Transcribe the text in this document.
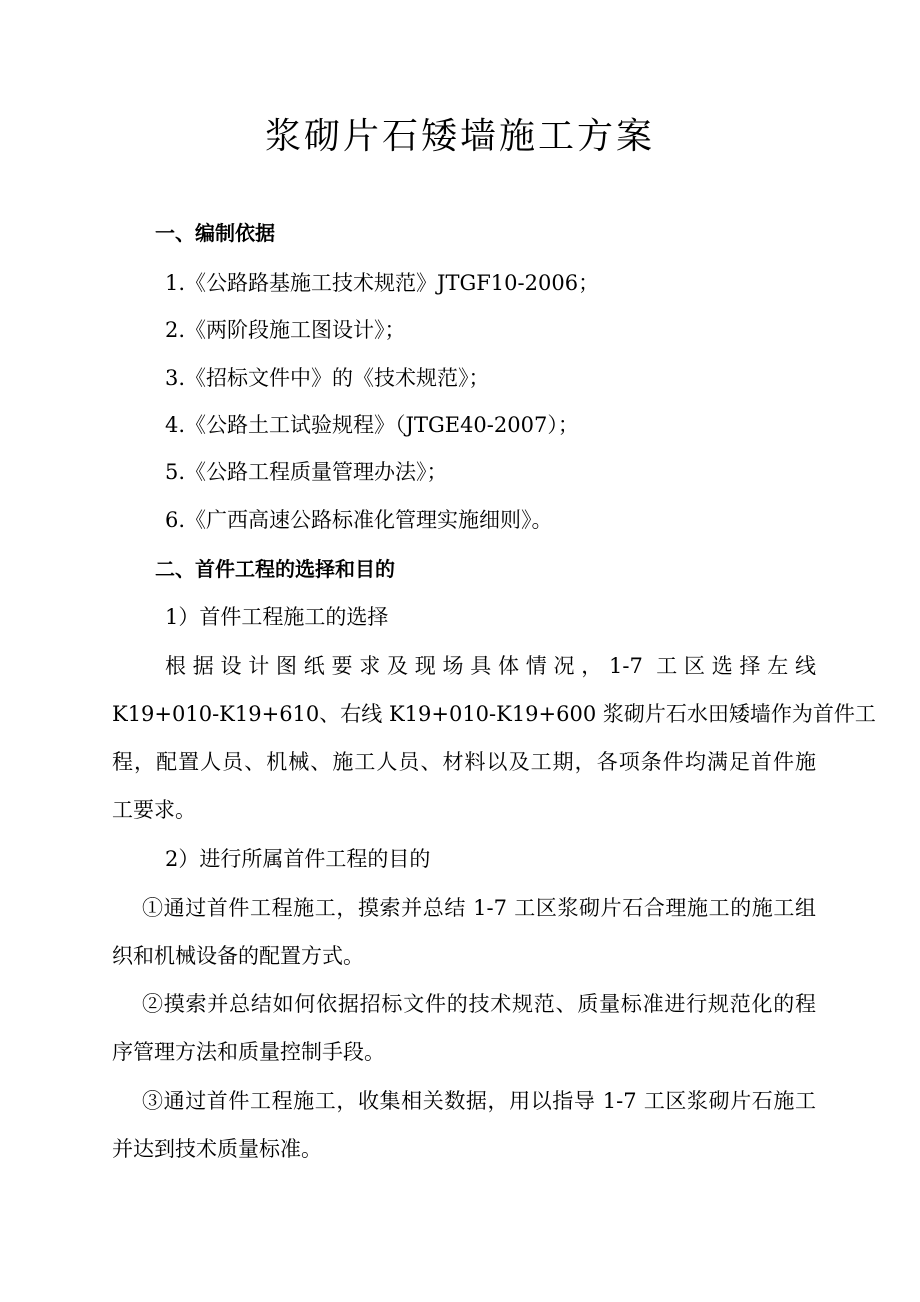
浆砌片石矮墙施工方案
一、编制依据
1.《公路路基施工技术规范》JTGF10-2006；
2.《两阶段施工图设计》；
3.《招标文件中》的《技术规范》；
4.《公路土工试验规程》（JTGE40-2007）；
5.《公路工程质量管理办法》；
6.《广西高速公路标准化管理实施细则》。
二、首件工程的选择和目的
1）首件工程施工的选择
根据设计图纸要求及现场具体情况，1-7 工区选择左线
K19+010-K19+610、右线 K19+010-K19+600 浆砌片石水田矮墙作为首件工
程，配置人员、机械、施工人员、材料以及工期，各项条件均满足首件施
工要求。
2）进行所属首件工程的目的
①通过首件工程施工，摸索并总结 1-7 工区浆砌片石合理施工的施工组
织和机械设备的配置方式。
②摸索并总结如何依据招标文件的技术规范、质量标准进行规范化的程
序管理方法和质量控制手段。
③通过首件工程施工，收集相关数据，用以指导 1-7 工区浆砌片石施工
并达到技术质量标准。
